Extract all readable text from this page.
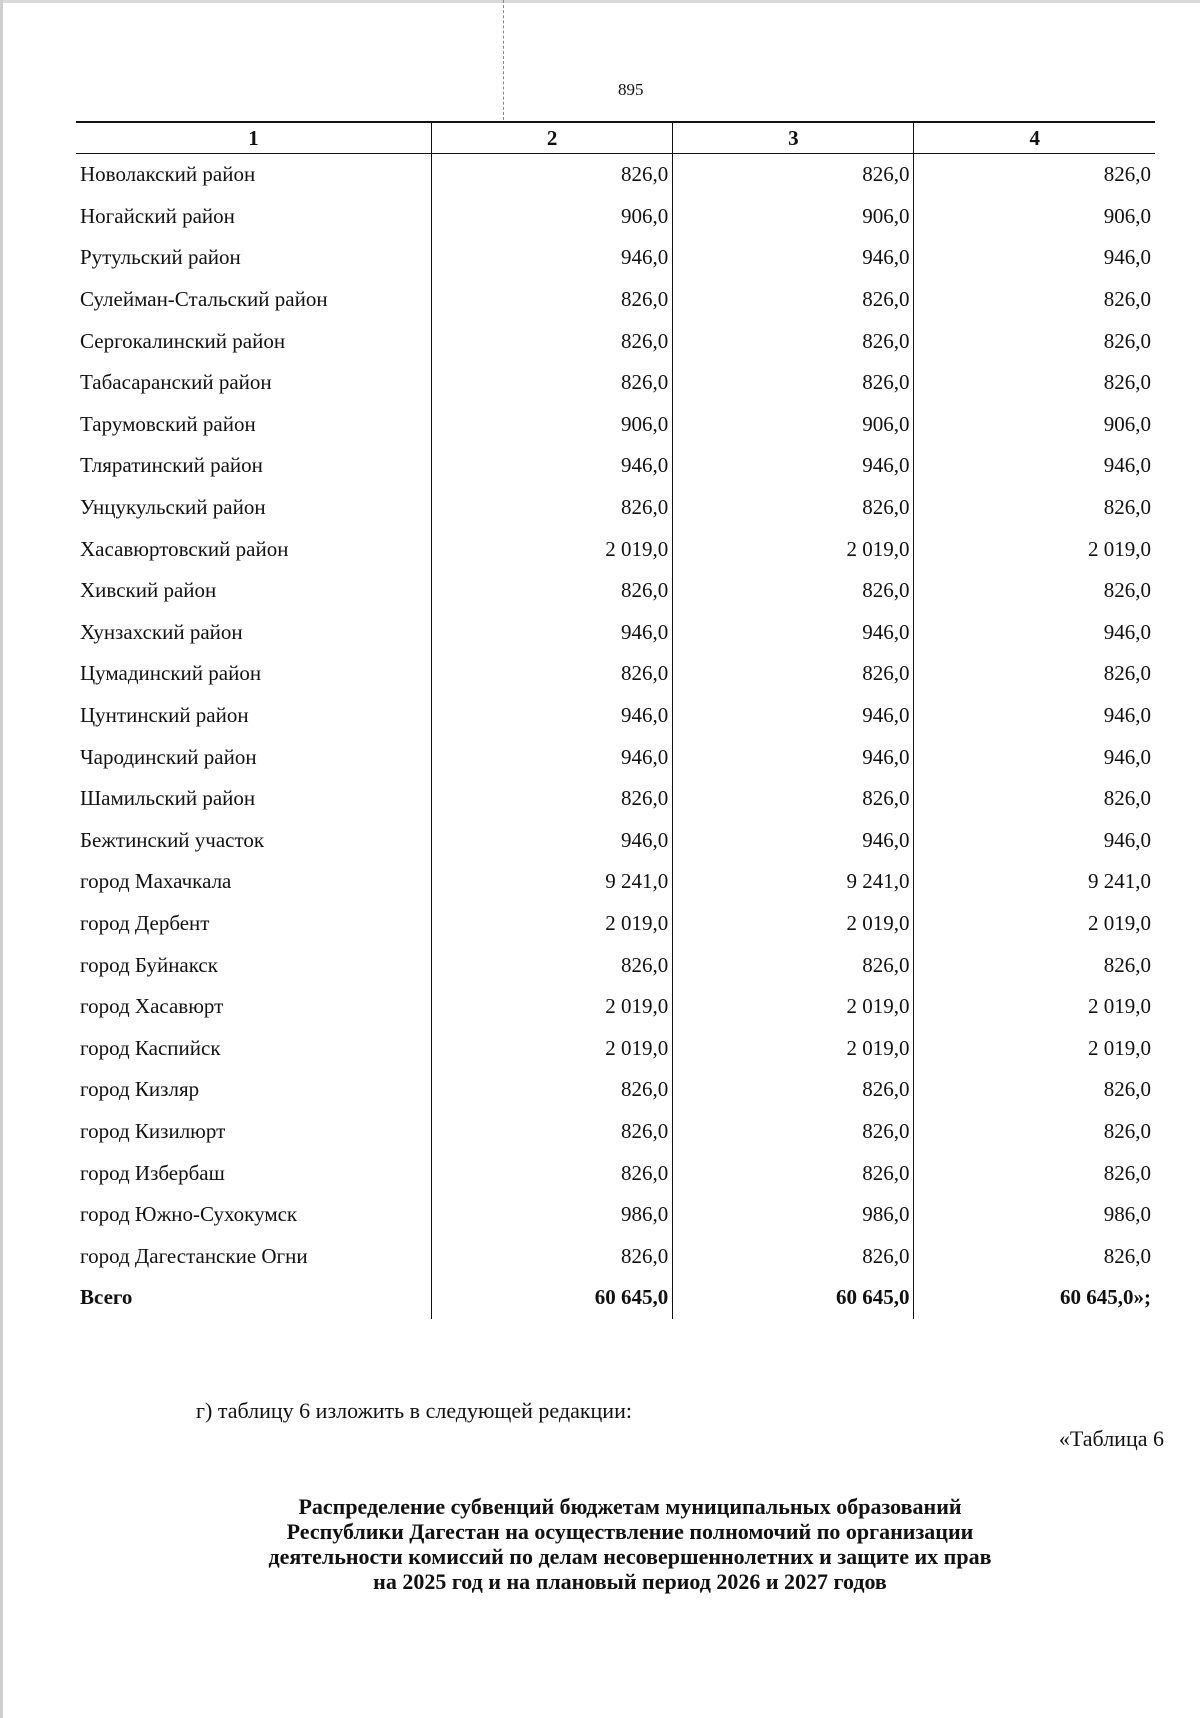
895
1	2	3	4
Новолакский район	826,0	826,0	826,0
Ногайский район	906,0	906,0	906,0
Рутульский район	946,0	946,0	946,0
Сулейман-Стальский район	826,0	826,0	826,0
Сергокалинский район	826,0	826,0	826,0
Табасаранский район	826,0	826,0	826,0
Тарумовский район	906,0	906,0	906,0
Тляратинский район	946,0	946,0	946,0
Унцукульский район	826,0	826,0	826,0
Хасавюртовский район	2 019,0	2 019,0	2 019,0
Хивский район	826,0	826,0	826,0
Хунзахский район	946,0	946,0	946,0
Цумадинский район	826,0	826,0	826,0
Цунтинский район	946,0	946,0	946,0
Чародинский район	946,0	946,0	946,0
Шамильский район	826,0	826,0	826,0
Бежтинский участок	946,0	946,0	946,0
город Махачкала	9 241,0	9 241,0	9 241,0
город Дербент	2 019,0	2 019,0	2 019,0
город Буйнакск	826,0	826,0	826,0
город Хасавюрт	2 019,0	2 019,0	2 019,0
город Каспийск	2 019,0	2 019,0	2 019,0
город Кизляр	826,0	826,0	826,0
город Кизилюрт	826,0	826,0	826,0
город Избербаш	826,0	826,0	826,0
город Южно-Сухокумск	986,0	986,0	986,0
город Дагестанские Огни	826,0	826,0	826,0
Всего	60 645,0	60 645,0	60 645,0»;
г) таблицу 6 изложить в следующей редакции:
«Таблица 6
Распределение субвенций бюджетам муниципальных образований
Республики Дагестан на осуществление полномочий по организации
деятельности комиссий по делам несовершеннолетних и защите их прав
на 2025 год и на плановый период 2026 и 2027 годов
